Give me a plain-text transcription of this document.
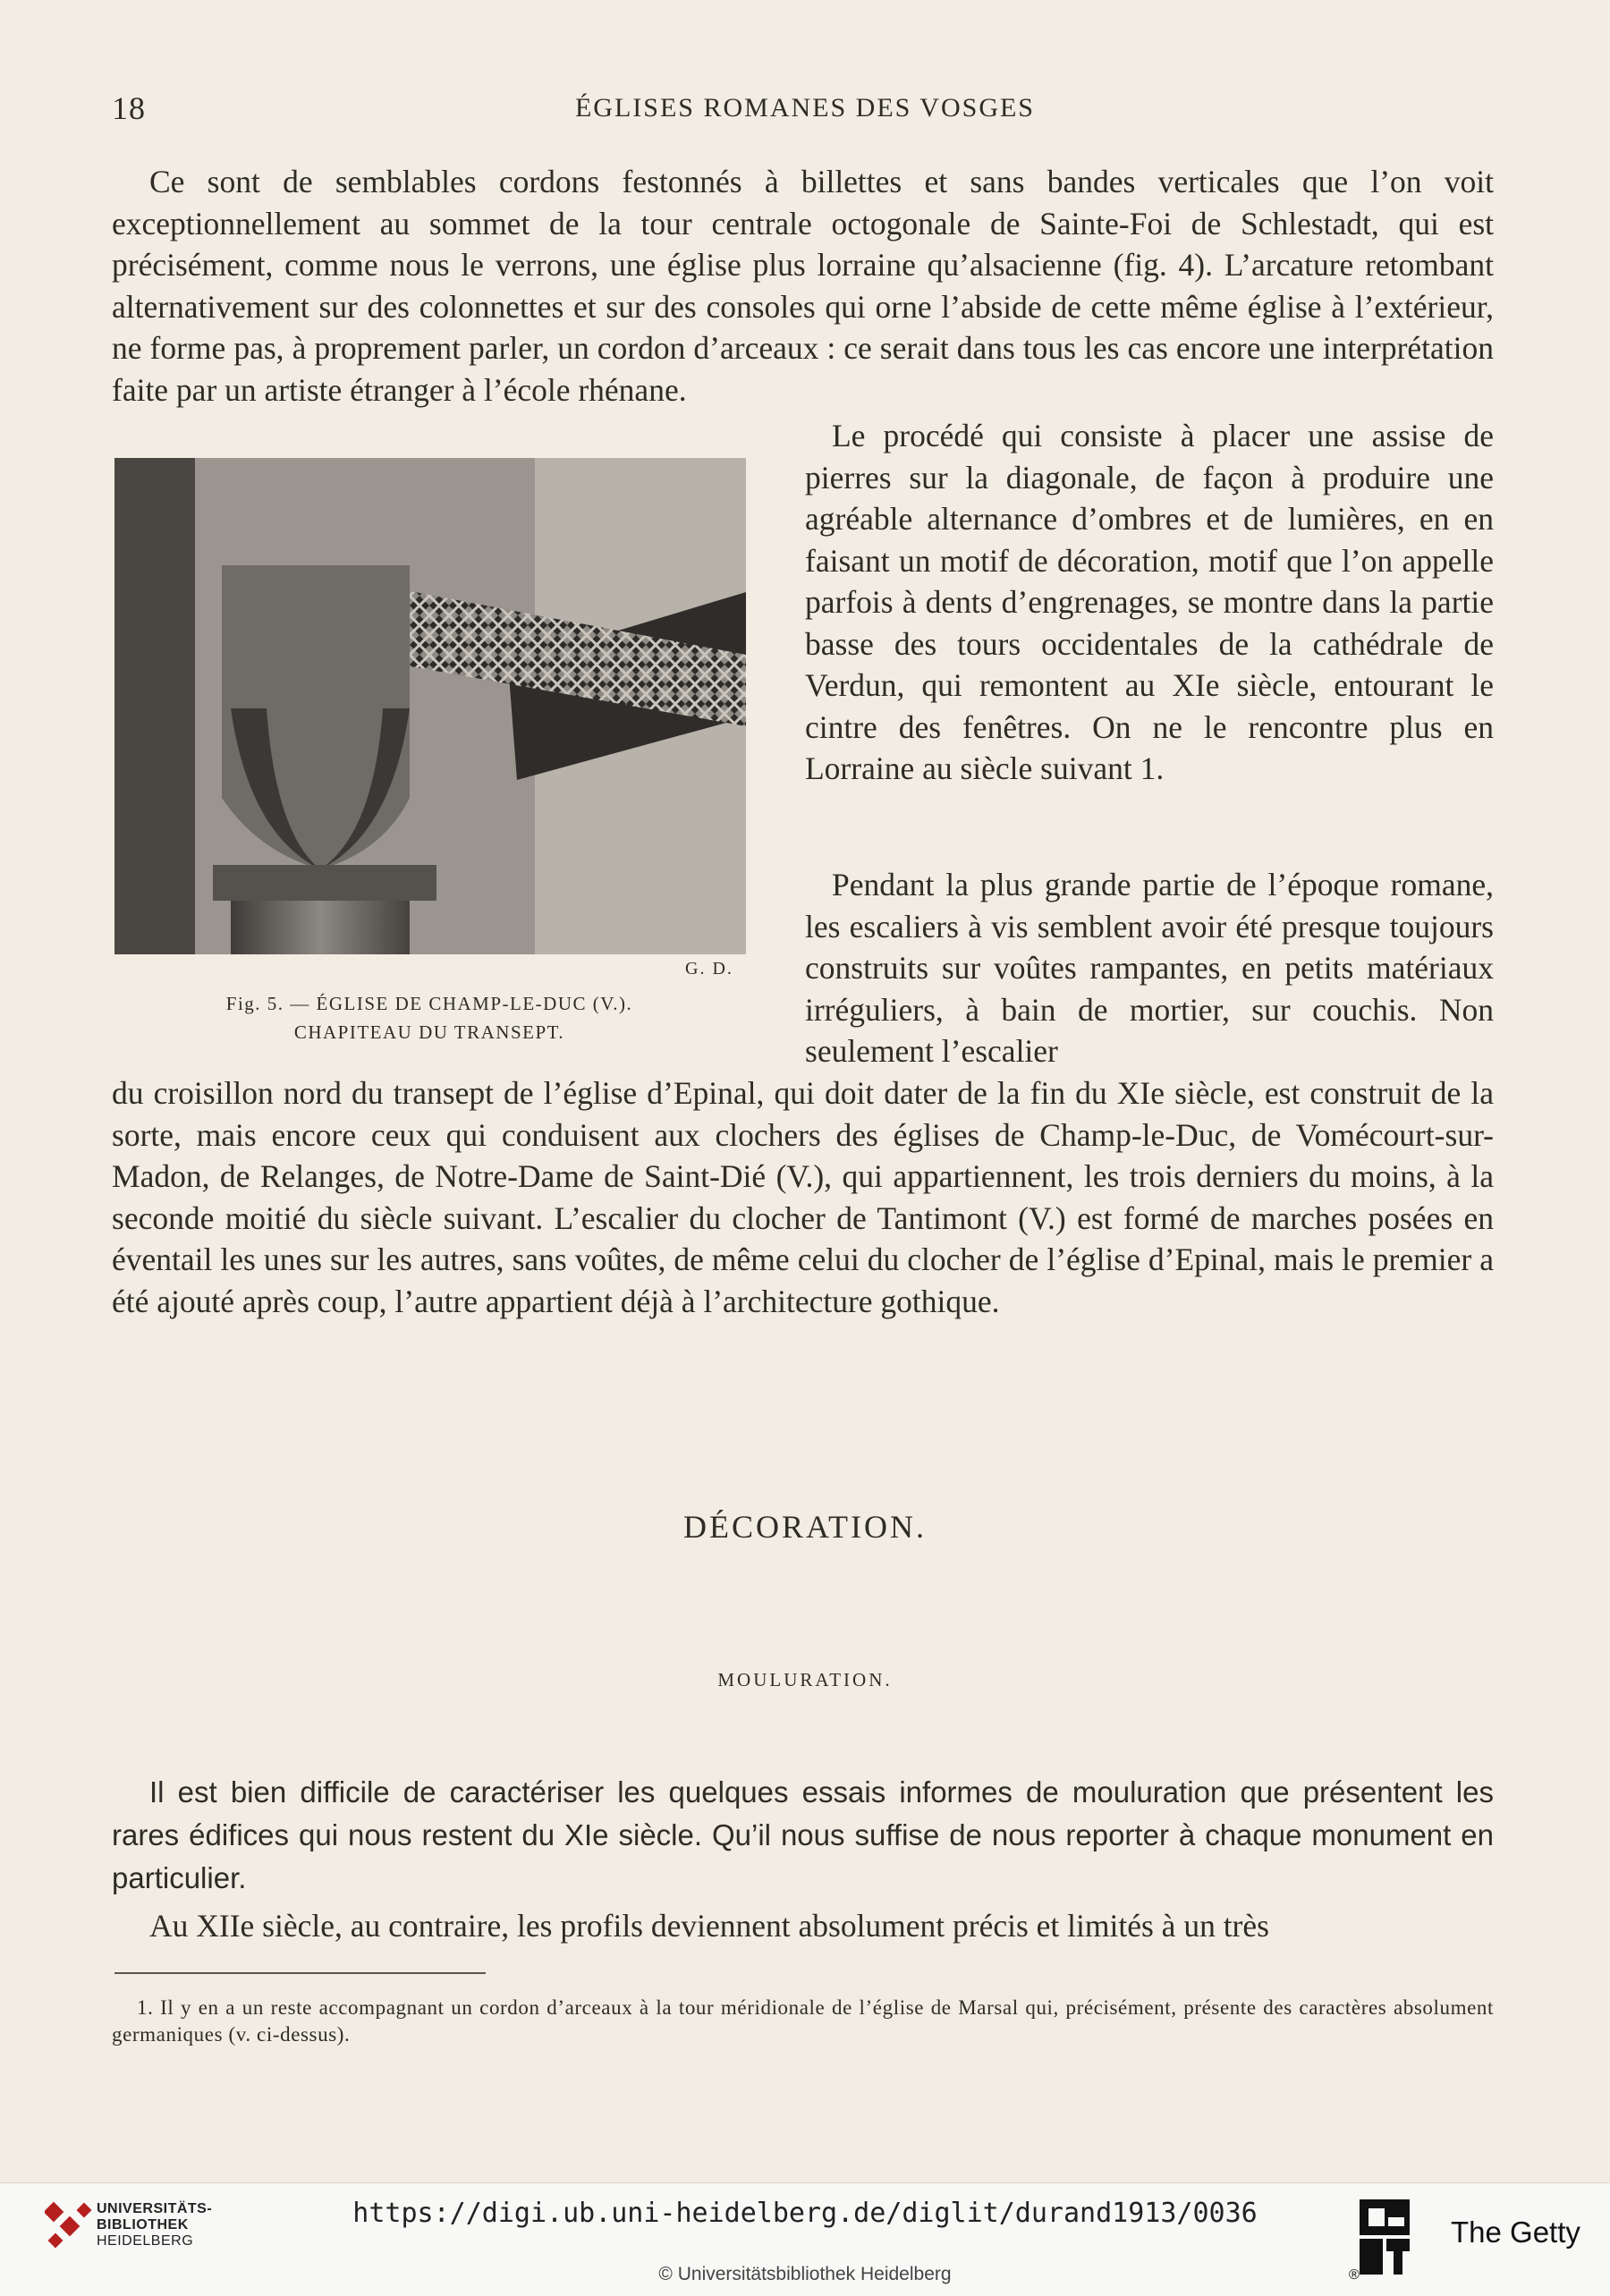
18	ÉGLISES ROMANES DES VOSGES

Ce sont de semblables cordons festonnés à billettes et sans bandes verticales que l’on voit exceptionnellement au sommet de la tour centrale octogonale de Sainte-Foi de Schlestadt, qui est précisément, comme nous le verrons, une église plus lorraine qu’alsacienne (fig. 4). L’arcature retombant alternativement sur des colonnettes et sur des consoles qui orne l’abside de cette même église à l’extérieur, ne forme pas, à proprement parler, un cordon d’arceaux : ce serait dans tous les cas encore une interprétation faite par un artiste étranger à l’école rhénane.

G. D.
Fig. 5. — ÉGLISE DE CHAMP-LE-DUC (V.).
CHAPITEAU DU TRANSEPT.

Le procédé qui consiste à placer une assise de pierres sur la diagonale, de façon à produire une agréable alternance d’ombres et de lumières, en en faisant un motif de décoration, motif que l’on appelle parfois à dents d’engrenages, se montre dans la partie basse des tours occidentales de la cathédrale de Verdun, qui remontent au XIe siècle, entourant le cintre des fenêtres. On ne le rencontre plus en Lorraine au siècle suivant 1.

Pendant la plus grande partie de l’époque romane, les escaliers à vis semblent avoir été presque toujours construits sur voûtes rampantes, en petits matériaux irréguliers, à bain de mortier, sur couchis. Non seulement l’escalier

du croisillon nord du transept de l’église d’Epinal, qui doit dater de la fin du XIe siècle, est construit de la sorte, mais encore ceux qui conduisent aux clochers des églises de Champ-le-Duc, de Vomécourt-sur-Madon, de Relanges, de Notre-Dame de Saint-Dié (V.), qui appartiennent, les trois derniers du moins, à la seconde moitié du siècle suivant. L’escalier du clocher de Tantimont (V.) est formé de marches posées en éventail les unes sur les autres, sans voûtes, de même celui du clocher de l’église d’Epinal, mais le premier a été ajouté après coup, l’autre appartient déjà à l’architecture gothique.

DÉCORATION.
MOULURATION.

Il est bien difficile de caractériser les quelques essais informes de mouluration que présentent les rares édifices qui nous restent du XIe siècle. Qu’il nous suffise de nous reporter à chaque monument en particulier.

Au XIIe siècle, au contraire, les profils deviennent absolument précis et limités à un très

1. Il y en a un reste accompagnant un cordon d’arceaux à la tour méridionale de l’église de Marsal qui, précisément, présente des caractères absolument germaniques (v. ci-dessus).

UNIVERSITÄTS-
BIBLIOTHEK
HEIDELBERG
https://digi.ub.uni-heidelberg.de/diglit/durand1913/0036
© Universitätsbibliothek Heidelberg	®
The Getty
